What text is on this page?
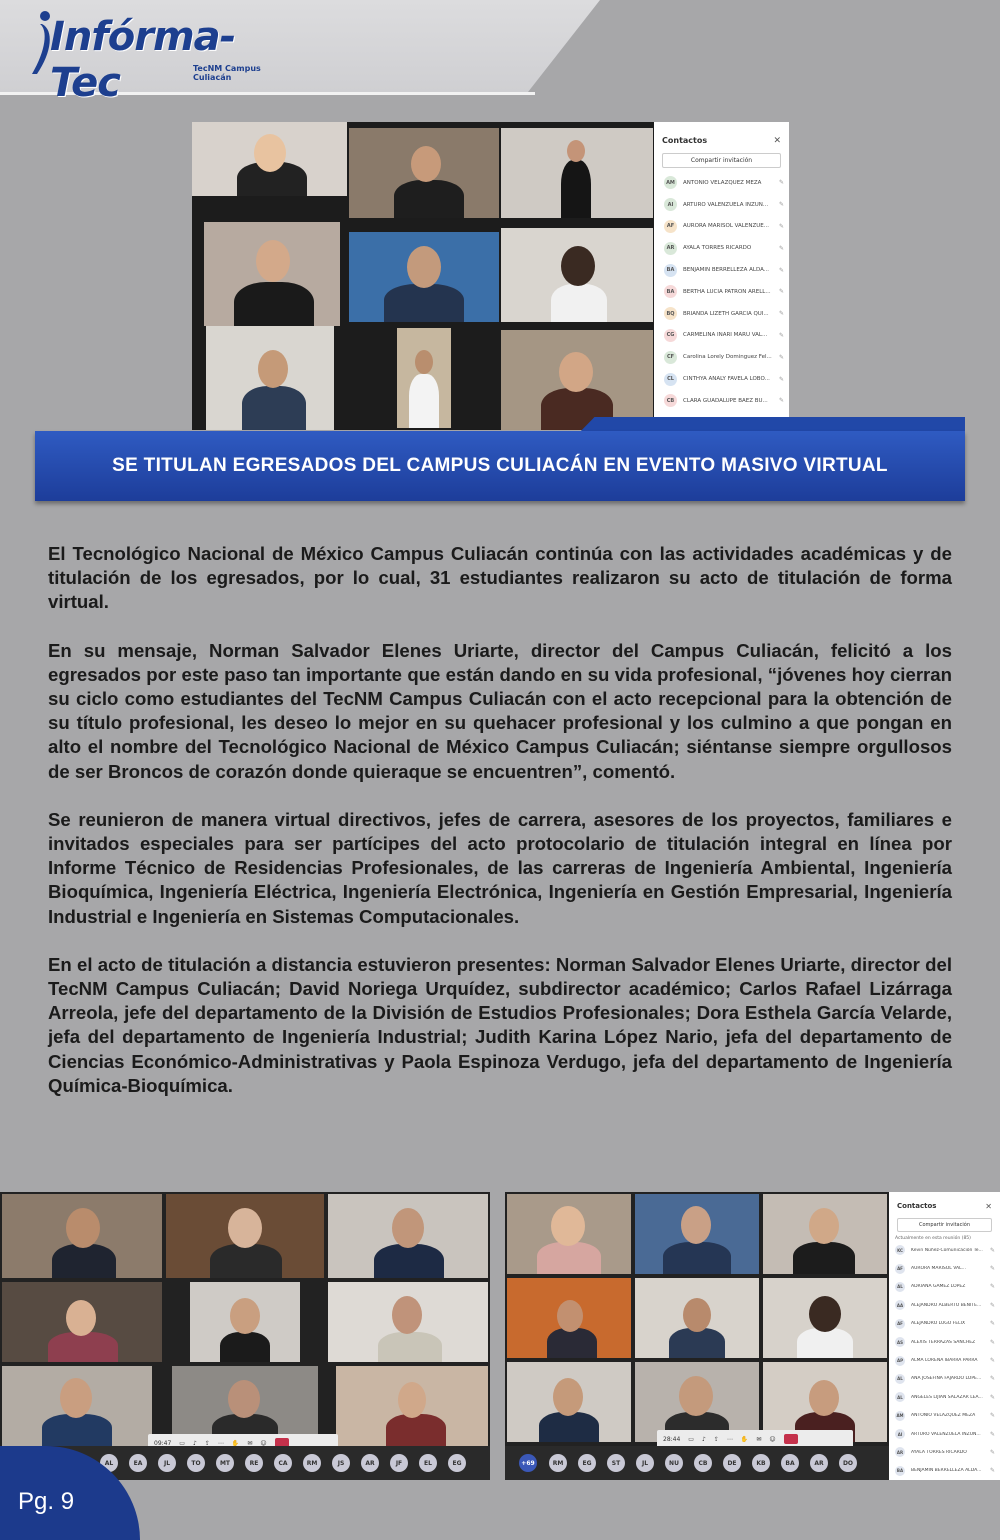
Infórma-Tec	TecNM Campus Culiacán
Contactos	✕
Compartir invitación
AM	ANTONIO VELAZQUEZ MEZA	✎
AI	ARTURO VALENZUELA INZUN...	✎
AF	AURORA MARISOL VALENZUE...	✎
AR	AYALA TORRES RICARDO	✎
BA	BENJAMIN BERRELLEZA ALDA...	✎
BA	BERTHA LUCIA PATRON ARELL...	✎
BQ	BRIANDA LIZETH GARCIA QUI...	✎
CG	CARMELINA INARI MARU VAL...	✎
CF	Carolina Lorely Dominguez Fel...	✎
CL	CINTHYA ANALY FAVELA LOBO...	✎
CB	CLARA GUADALUPE BAEZ BU...	✎
SE TITULAN EGRESADOS DEL CAMPUS CULIACÁN EN EVENTO MASIVO VIRTUAL

El Tecnológico Nacional de México Campus Culiacán continúa con las actividades académicas y de titulación de los egresados, por lo cual, 31 estudiantes realizaron su acto de titulación de forma virtual.

En su mensaje, Norman Salvador Elenes Uriarte, director del Campus Culiacán, felicitó a los egresados por este paso tan importante que están dando en su vida profesional, “jóvenes hoy cierran su ciclo como estudiantes del TecNM Campus Culiacán con el acto recepcional para la obtención de su título profesional, les deseo lo mejor en su quehacer profesional y los culmino a que pongan en alto el nombre del Tecnológico Nacional de México Campus Culiacán; siéntanse siempre orgullosos de ser Broncos de corazón donde quieraque se encuentren”, comentó.

Se reunieron de manera virtual directivos, jefes de carrera, asesores de los proyectos, familiares e invitados especiales para ser partícipes del acto protocolario de titulación integral en línea por Informe Técnico de Residencias Profesionales, de las carreras de Ingeniería Ambiental, Ingeniería Bioquímica, Ingeniería Eléctrica, Ingeniería Electrónica, Ingeniería en Gestión Empresarial, Ingeniería Industrial e Ingeniería en Sistemas Computacionales.

En el acto de titulación a distancia estuvieron presentes: Norman Salvador Elenes Uriarte, director del TecNM Campus Culiacán; David Noriega Urquídez, subdirector académico; Carlos Rafael Lizárraga Arreola, jefe del departamento de la División de Estudios Profesionales; Dora Esthela García Velarde, jefa del departamento de Ingeniería Industrial; Judith Karina López Nario, jefa del departamento de Ciencias Económico-Administrativas y Paola Espinoza Verdugo, jefa del departamento de Ingeniería Química-Bioquímica.

09:47 ▭ ♪ ⇪ ⋯ ✋ ✉ ☺
AL	EA	JL	TO	MT	RE	CA	RM	JS	AR	JF	EL	EG
Contactos	✕
Compartir invitación
Actualmente en esta reunión (85)
KC	Kevin Núñez-Comunicación Te...	✎
AF	AURORA MARISOL VAL...	✎
AL	ADRIANA GAMEZ LOPEZ	✎
AA	ALEJANDRO ALBERTO BENITE...	✎
AF	ALEJANDRO LUGO FELIX	✎
AS	ALEXIS TERRAZAS SANCHEZ	✎
AP	ALMA LORENA IBARRA PARRA	✎
AL	ANA JOSEFINA FAJARDO LOPE...	✎
AL	ANGELES LIJIAN SALAZAR LEA...	✎
AM	ANTONIO VELAZQUEZ MEZA	✎
AI	ARTURO VALENZUELA INZUN...	✎
AR	AYALA TORRES RICARDO	✎
BA	BENJAMIN BERRELLEZA ALDA...	✎
28:44 ▭ ♪ ⇪ ⋯ ✋ ✉ ☺
+69	RM	EG	ST	JL	NU	CB	DE	KB	BA	AR	DO
Pg. 9
